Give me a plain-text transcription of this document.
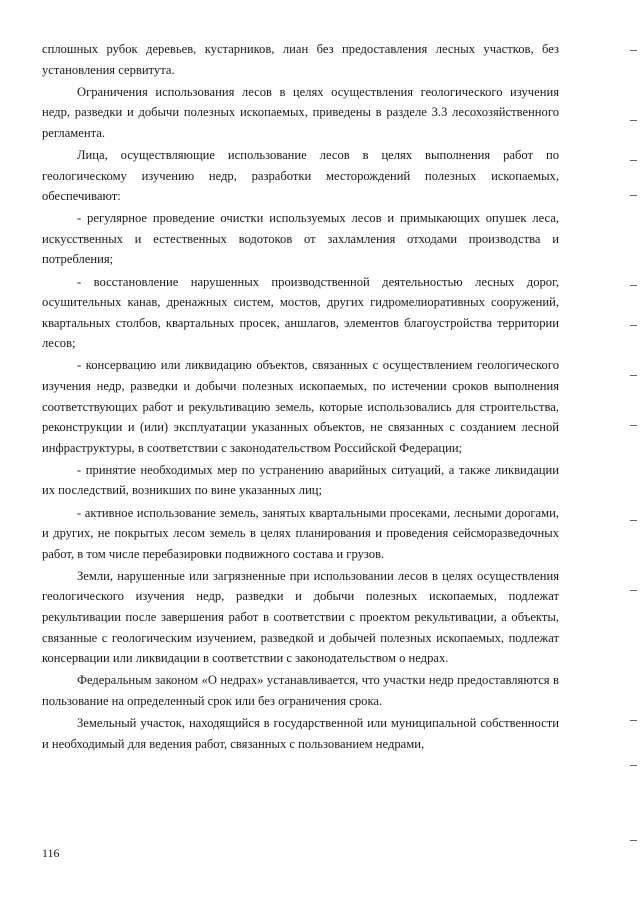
сплошных рубок деревьев, кустарников, лиан без предоставления лесных участков, без установления сервитута.

Ограничения использования лесов в целях осуществления геологического изучения недр, разведки и добычи полезных ископаемых, приведены в разделе 3.3 лесохозяйственного регламента.

Лица, осуществляющие использование лесов в целях выполнения работ по геологическому изучению недр, разработки месторождений полезных ископаемых, обеспечивают:

- регулярное проведение очистки используемых лесов и примыкающих опушек леса, искусственных и естественных водотоков от захламления отходами производства и потребления;

- восстановление нарушенных производственной деятельностью лесных дорог, осушительных канав, дренажных систем, мостов, других гидромелиоративных сооружений, квартальных столбов, квартальных просек, аншлагов, элементов благоустройства территории лесов;

- консервацию или ликвидацию объектов, связанных с осуществлением геологического изучения недр, разведки и добычи полезных ископаемых, по истечении сроков выполнения соответствующих работ и рекультивацию земель, которые использовались для строительства, реконструкции и (или) эксплуатации указанных объектов, не связанных с созданием лесной инфраструктуры, в соответствии с законодательством Российской Федерации;

- принятие необходимых мер по устранению аварийных ситуаций, а также ликвидации их последствий, возникших по вине указанных лиц;

- активное использование земель, занятых квартальными просеками, лесными дорогами, и других, не покрытых лесом земель в целях планирования и проведения сейсморазведочных работ, в том числе перебазировки подвижного состава и грузов.

Земли, нарушенные или загрязненные при использовании лесов в целях осуществления геологического изучения недр, разведки и добычи полезных ископаемых, подлежат рекультивации после завершения работ в соответствии с проектом рекультивации, а объекты, связанные с геологическим изучением, разведкой и добычей полезных ископаемых, подлежат консервации или ликвидации в соответствии с законодательством о недрах.

Федеральным законом «О недрах» устанавливается, что участки недр предоставляются в пользование на определенный срок или без ограничения срока.

Земельный участок, находящийся в государственной или муниципальной собственности и необходимый для ведения работ, связанных с пользованием недрами,

116
